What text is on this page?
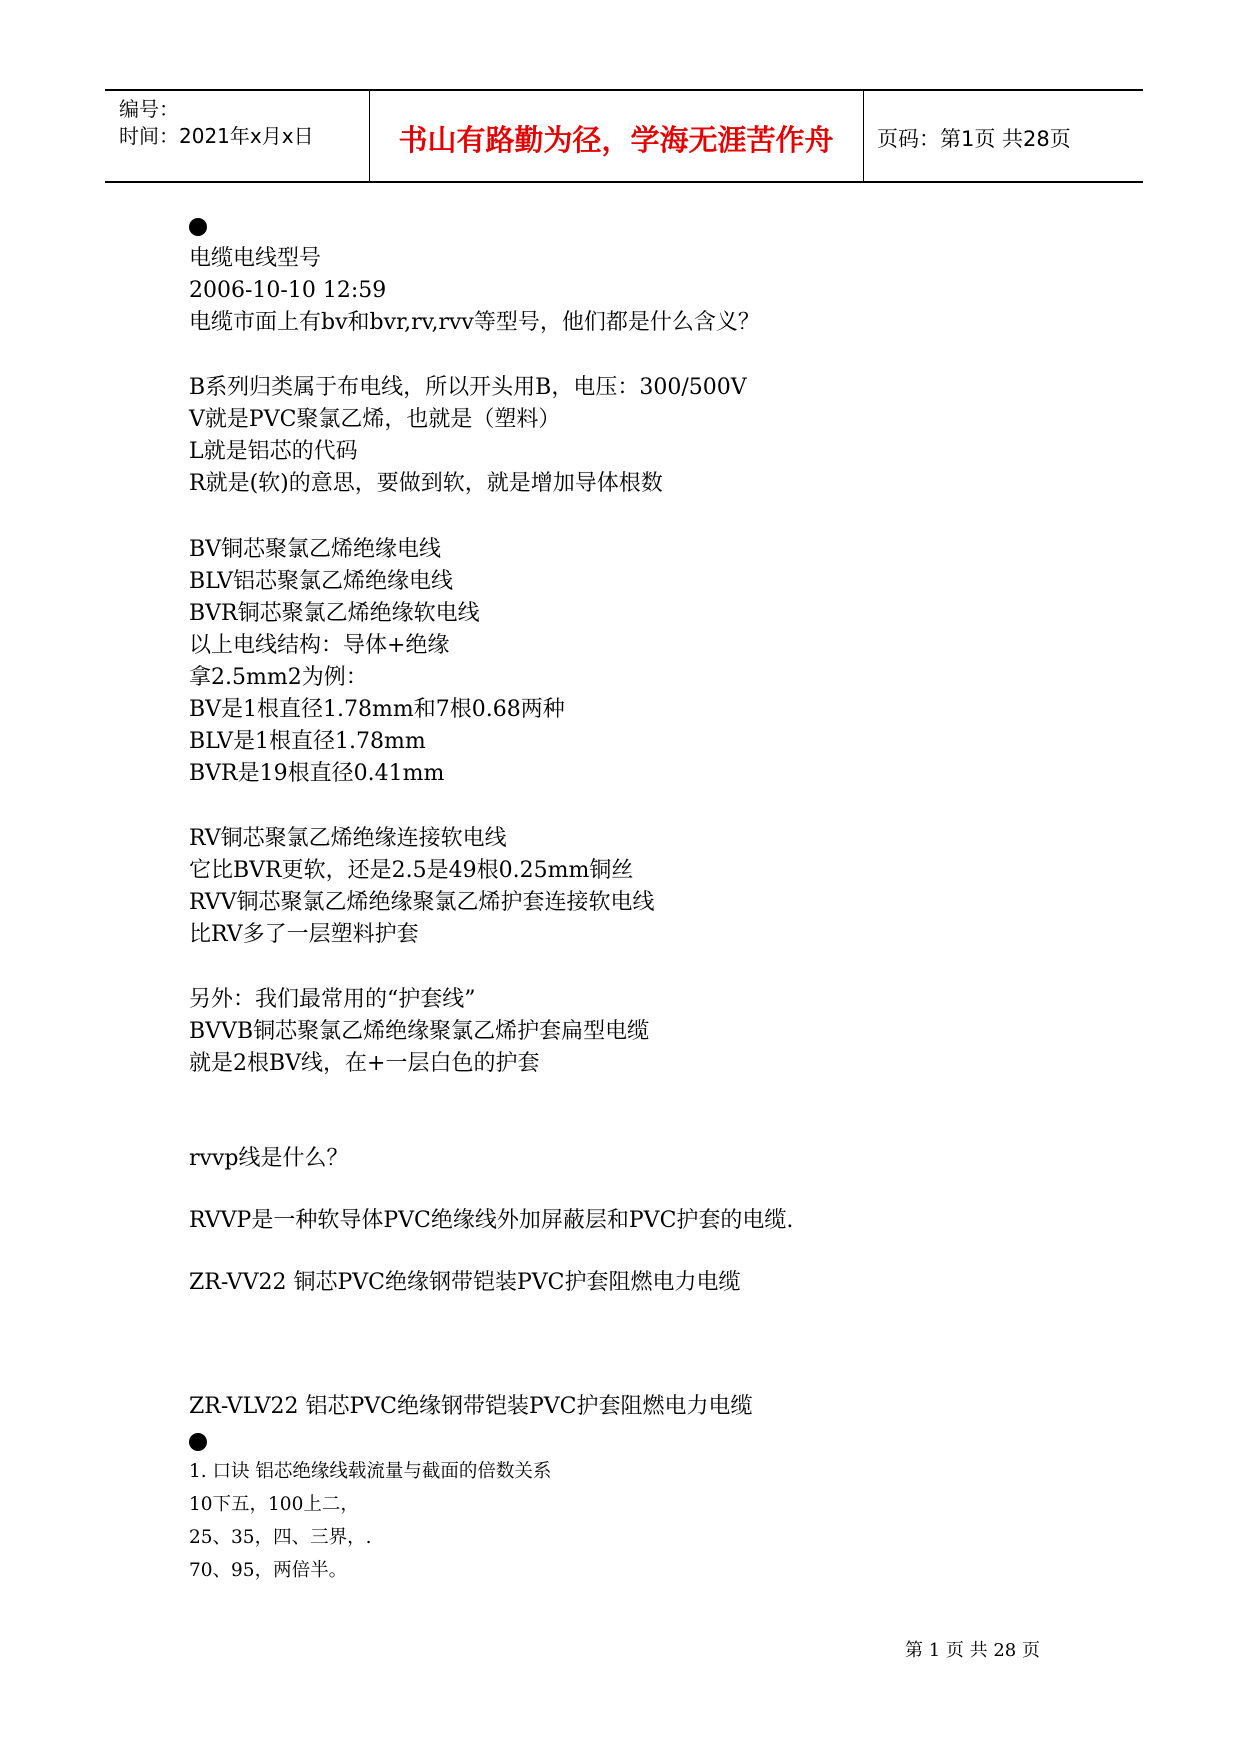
编号：
时间：2021年x月x日	书山有路勤为径，学海无涯苦作舟	页码：第1页 共28页
电缆电线型号
2006-10-10 12:59
电缆市面上有bv和bvr,rv,rvv等型号，他们都是什么含义？
B系列归类属于布电线，所以开头用B，电压：300/500V
V就是PVC聚氯乙烯，也就是（塑料）
L就是铝芯的代码
R就是(软)的意思，要做到软，就是增加导体根数
BV铜芯聚氯乙烯绝缘电线
BLV铝芯聚氯乙烯绝缘电线
BVR铜芯聚氯乙烯绝缘软电线
以上电线结构：导体+绝缘
拿2.5mm2为例：
BV是1根直径1.78mm和7根0.68两种
BLV是1根直径1.78mm
BVR是19根直径0.41mm
RV铜芯聚氯乙烯绝缘连接软电线
它比BVR更软，还是2.5是49根0.25mm铜丝
RVV铜芯聚氯乙烯绝缘聚氯乙烯护套连接软电线
比RV多了一层塑料护套
另外：我们最常用的“护套线”
BVVB铜芯聚氯乙烯绝缘聚氯乙烯护套扁型电缆
就是2根BV线，在+一层白色的护套
rvvp线是什么？
RVVP是一种软导体PVC绝缘线外加屏蔽层和PVC护套的电缆.
ZR-VV22 铜芯PVC绝缘钢带铠装PVC护套阻燃电力电缆
ZR-VLV22 铝芯PVC绝缘钢带铠装PVC护套阻燃电力电缆
1. 口诀 铝芯绝缘线载流量与截面的倍数关系
10下五，100上二，
25、35，四、三界，.
70、95，两倍半。
第 1 页 共 28 页
